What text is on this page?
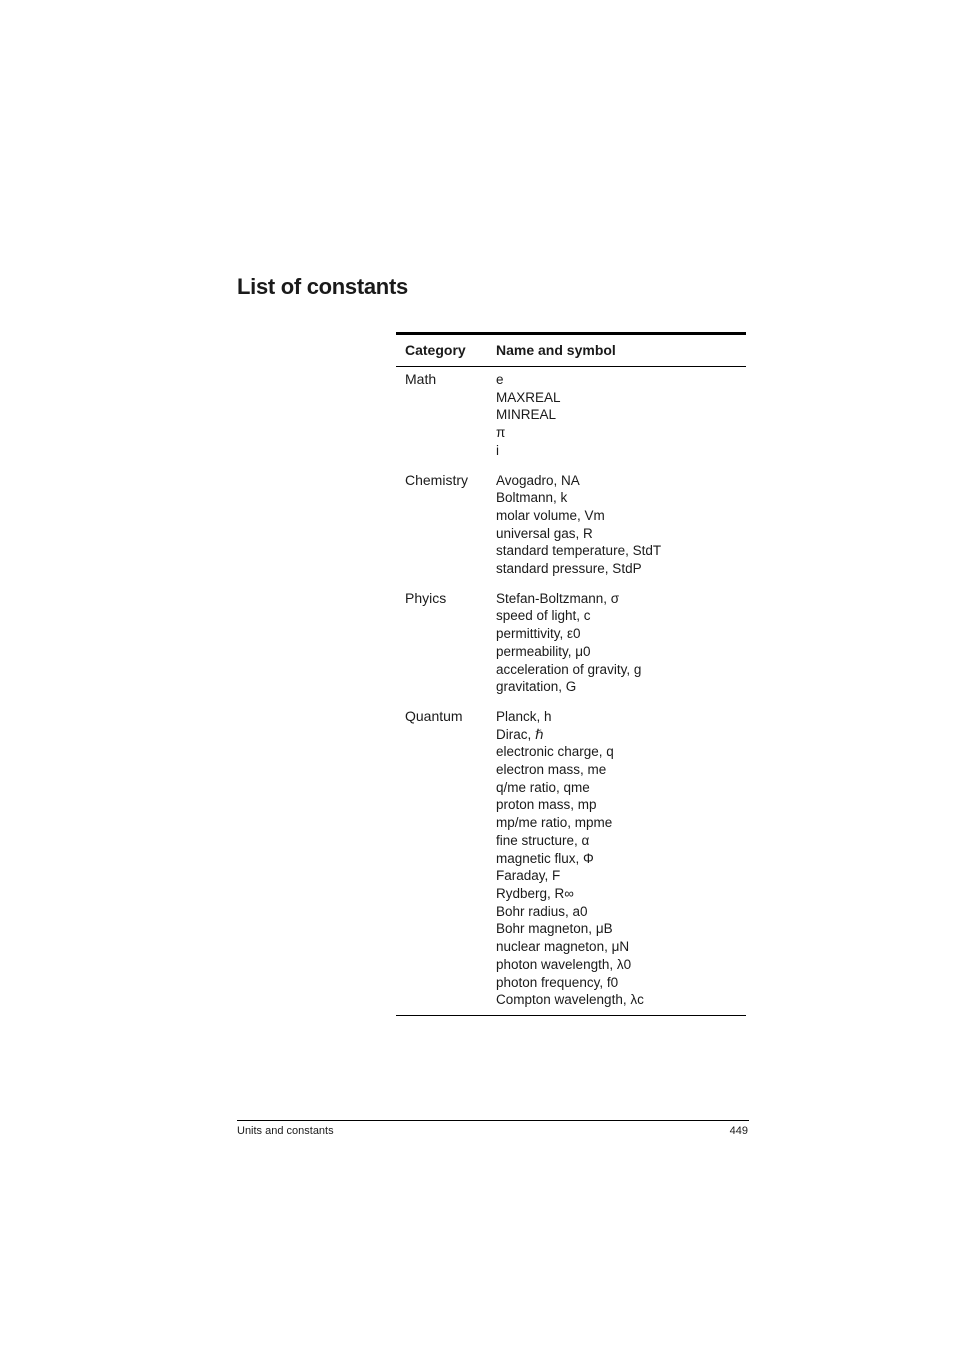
List of constants
Category Name and symbol
Math	e
MAXREAL
MINREAL
π
i
Chemistry	Avogadro, NA
Boltmann, k
molar volume, Vm
universal gas, R
standard temperature, StdT
standard pressure, StdP
Phyics	Stefan-Boltzmann, σ
speed of light, c
permittivity, ε0
permeability, μ0
acceleration of gravity, g
gravitation, G
Quantum	Planck, h
Dirac, ℏ
electronic charge, q
electron mass, me
q/me ratio, qme
proton mass, mp
mp/me ratio, mpme
fine structure, α
magnetic flux, Φ
Faraday, F
Rydberg, R∞
Bohr radius, a0
Bohr magneton, μB
nuclear magneton, μN
photon wavelength, λ0
photon frequency, f0
Compton wavelength, λc
Units and constants	449
